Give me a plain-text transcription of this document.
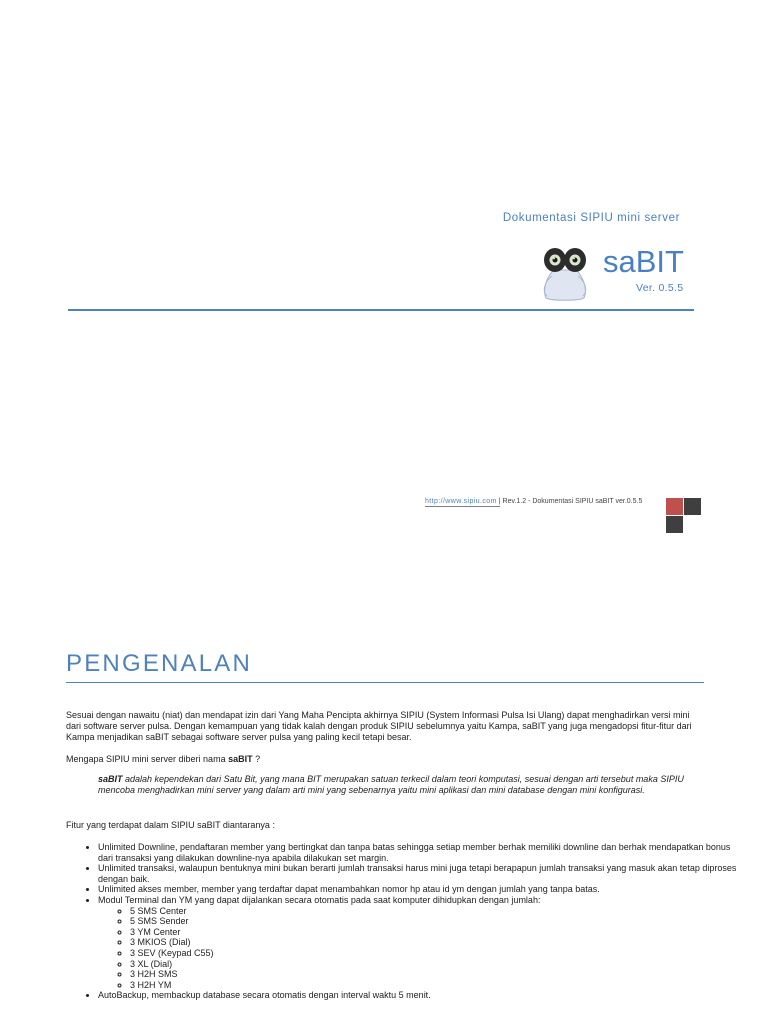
Dokumentasi SIPIU mini server
saBIT
Ver. 0.5.5
http://www.sipiu.com | Rev.1.2 - Dokumentasi SIPIU saBIT ver.0.5.5
PENGENALAN
Sesuai dengan nawaitu (niat) dan mendapat izin dari Yang Maha Pencipta akhirnya SIPIU (System Informasi Pulsa Isi Ulang) dapat menghadirkan versi mini dari software server pulsa. Dengan kemampuan yang tidak kalah dengan produk SIPIU sebelumnya yaitu Kampa, saBIT yang juga mengadopsi fitur-fitur dari Kampa menjadikan saBIT sebagai software server pulsa yang paling kecil tetapi besar.
Mengapa SIPIU mini server diberi nama saBIT ?
saBIT adalah kependekan dari Satu Bit, yang mana BIT merupakan satuan terkecil dalam teori komputasi, sesuai dengan arti tersebut maka SIPIU mencoba menghadirkan mini server yang dalam arti mini yang sebenarnya yaitu mini aplikasi dan mini database dengan mini konfigurasi.
Fitur yang terdapat dalam SIPIU saBIT diantaranya :
• Unlimited Downline, pendaftaran member yang bertingkat dan tanpa batas sehingga setiap member berhak memiliki downline dan berhak mendapatkan bonus dari transaksi yang dilakukan downline-nya apabila dilakukan set margin.
• Unlimited transaksi, walaupun bentuknya mini bukan berarti jumlah transaksi harus mini juga tetapi berapapun jumlah transaksi yang masuk akan tetap diproses dengan baik.
• Unlimited akses member, member yang terdaftar dapat menambahkan nomor hp atau id ym dengan jumlah yang tanpa batas.
• Modul Terminal dan YM yang dapat dijalankan secara otomatis pada saat komputer dihidupkan dengan jumlah:
◦ 5 SMS Center
◦ 5 SMS Sender
◦ 3 YM Center
◦ 3 MKIOS (Dial)
◦ 3 SEV (Keypad C55)
◦ 3 XL (Dial)
◦ 3 H2H SMS
◦ 3 H2H YM
• AutoBackup, membackup database secara otomatis dengan interval waktu 5 menit.
